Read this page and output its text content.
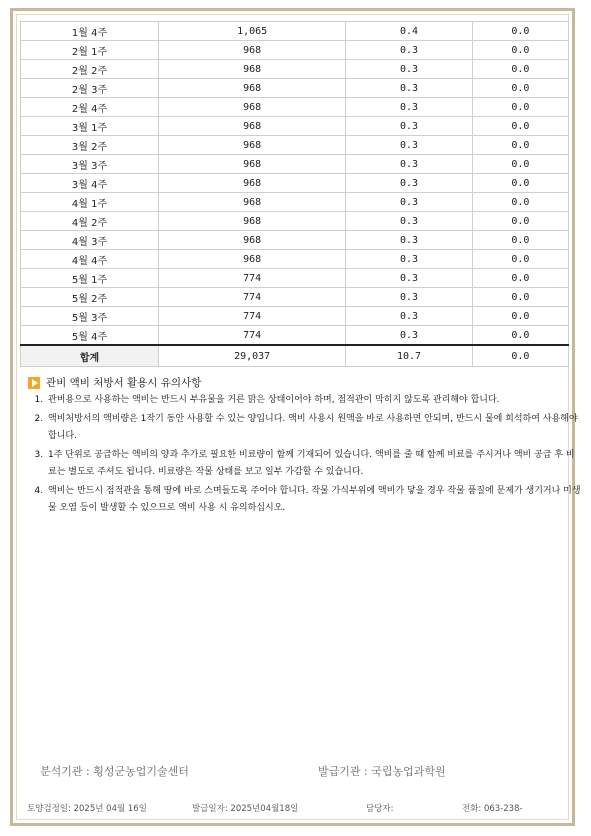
1월 4주	1,065	0.4	0.0
2월 1주	968	0.3	0.0
2월 2주	968	0.3	0.0
2월 3주	968	0.3	0.0
2월 4주	968	0.3	0.0
3월 1주	968	0.3	0.0
3월 2주	968	0.3	0.0
3월 3주	968	0.3	0.0
3월 4주	968	0.3	0.0
4월 1주	968	0.3	0.0
4월 2주	968	0.3	0.0
4월 3주	968	0.3	0.0
4월 4주	968	0.3	0.0
5월 1주	774	0.3	0.0
5월 2주	774	0.3	0.0
5월 3주	774	0.3	0.0
5월 4주	774	0.3	0.0
합계	29,037	10.7	0.0
관비 액비 처방서 활용시 유의사항
1. 관비용으로 사용하는 액비는 반드시 부유물을 거른 맑은 상태이어야 하며, 점적관이 막히지 않도록 관리해야 합니다.
2. 액비처방서의 액비량은 1작기 동안 사용할 수 있는 양입니다. 액비 사용시 원액을 바로 사용하면 안되며, 반드시 물에 희석하여 사용해야 합니다.
3. 1주 단위로 공급하는 액비의 양과 추가로 필요한 비료량이 함께 기재되어 있습니다. 액비를 줄 때 함께 비료를 주시거나 액비 공급 후 비료는 별도로 주셔도 됩니다. 비료량은 작물 상태를 보고 일부 가감할 수 있습니다.
4. 액비는 반드시 점적관을 통해 땅에 바로 스며들도록 주어야 합니다. 작물 가식부위에 액비가 닿을 경우 작물 품질에 문제가 생기거나 미생물 오염 등이 발생할 수 있으므로 액비 사용 시 유의하십시오.
분석기관 : 횡성군농업기술센터	발급기관 : 국립농업과학원
토양검정일: 2025년 04월 16일	발급일자: 2025년04월18일	담당자:	전화: 063-238-
